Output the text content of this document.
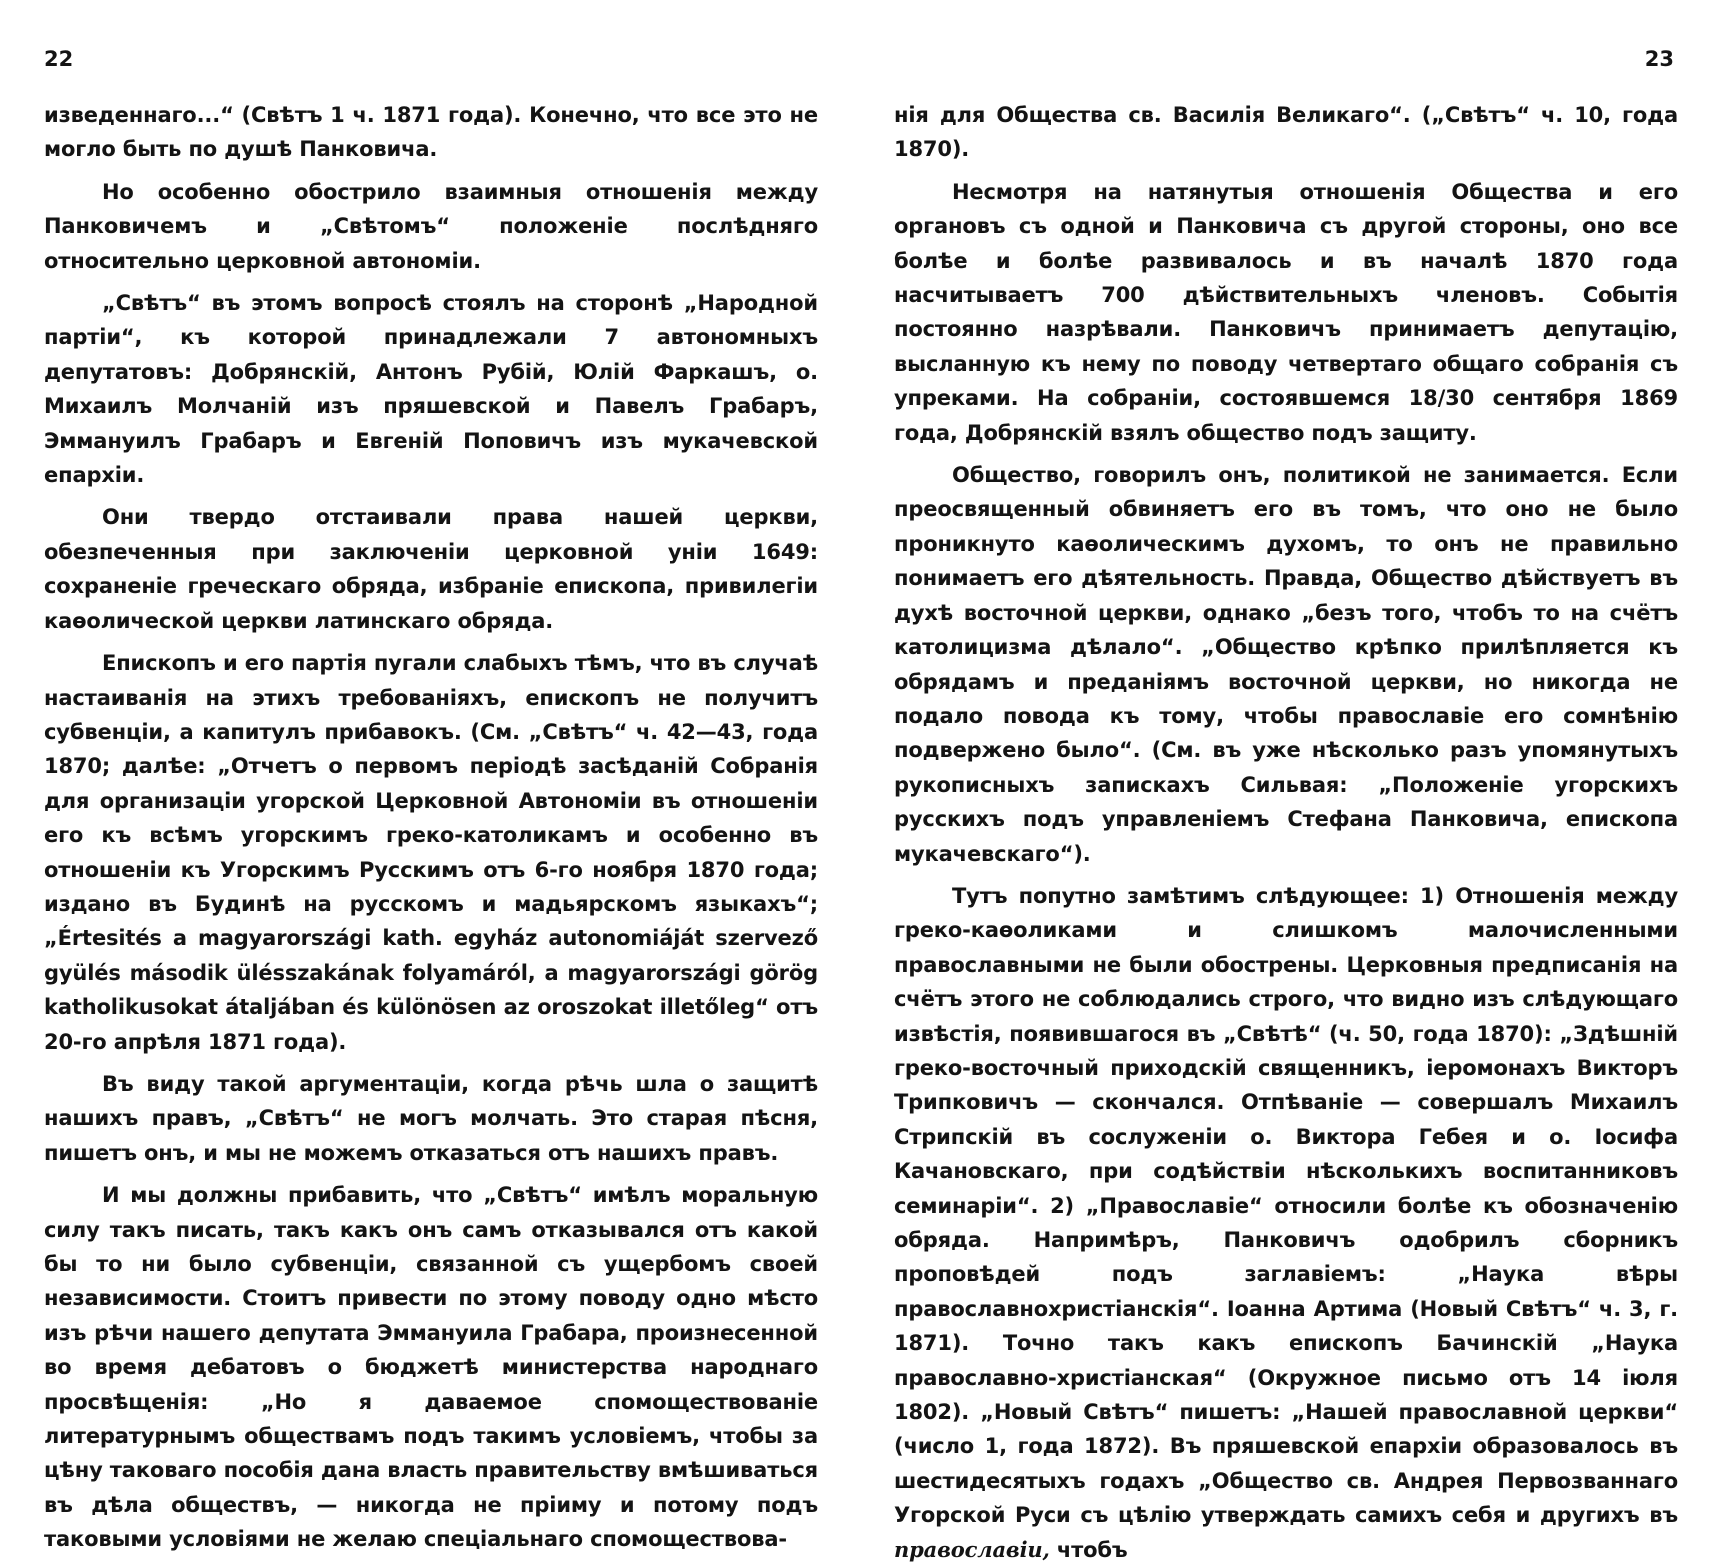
22

изведеннаго...“ (Свѣтъ 1 ч. 1871 года). Конечно, что все это не могло быть по душѣ Панковича.

Но особенно обострило взаимныя отношенія между Панковичемъ и „Свѣтомъ“ положеніе послѣдняго относительно церковной автономіи.

„Свѣтъ“ въ этомъ вопросѣ стоялъ на сторонѣ „Народной партіи“, къ которой принадлежали 7 автономныхъ депутатовъ: Добрянскій, Антонъ Рубій, Юлій Фаркашъ, о. Михаилъ Молчаній изъ пряшевской и Павелъ Грабаръ, Эммануилъ Грабаръ и Евгеній Поповичъ изъ мукачевской епархіи.

Они твердо отстаивали права нашей церкви, обезпеченныя при заключеніи церковной уніи 1649: сохраненіе греческаго обряда, избраніе епископа, привилегіи каѳолической церкви латинскаго обряда.

Епископъ и его партія пугали слабыхъ тѣмъ, что въ случаѣ настаиванія на этихъ требованіяхъ, епископъ не получитъ субвенціи, а капитулъ прибавокъ. (См. „Свѣтъ“ ч. 42—43, года 1870; далѣе: „Отчетъ о первомъ періодѣ засѣданій Собранія для организаціи угорской Церковной Автономіи въ отношеніи его къ всѣмъ угорскимъ греко-католикамъ и особенно въ отношеніи къ Угорскимъ Русскимъ отъ 6-го ноября 1870 года; издано въ Будинѣ на русскомъ и мадьярскомъ языкахъ“; „Értesités a magyarországi kath. egyház autonomiáját szervező gyülés második ülésszakának folyamáról, a magyarországi görög katholikusokat átaljában és különösen az oroszokat illetőleg“ отъ 20-го апрѣля 1871 года).

Въ виду такой аргументаціи, когда рѣчь шла о защитѣ нашихъ правъ, „Свѣтъ“ не могъ молчать. Это старая пѣсня, пишетъ онъ, и мы не можемъ отказаться отъ нашихъ правъ.

И мы должны прибавить, что „Свѣтъ“ имѣлъ моральную силу такъ писать, такъ какъ онъ самъ отказывался отъ какой бы то ни было субвенціи, связанной съ ущербомъ своей независимости. Стоитъ привести по этому поводу одно мѣсто изъ рѣчи нашего депутата Эммануила Грабара, произнесенной во время дебатовъ о бюджетѣ министерства народнаго просвѣщенія: „Но я даваемое спомоществованіе литературнымъ обществамъ подъ такимъ условіемъ, чтобы за цѣну таковаго пособія дана власть правительству вмѣшиваться въ дѣла обществъ, — никогда не пріиму и потому подъ таковыми условіями не желаю спеціальнаго спомоществова-

23

нія для Общества св. Василія Великаго“. („Свѣтъ“ ч. 10, года 1870).

Несмотря на натянутыя отношенія Общества и его органовъ съ одной и Панковича съ другой стороны, оно все болѣе и болѣе развивалось и въ началѣ 1870 года насчитываетъ 700 дѣйствительныхъ членовъ. Событія постоянно назрѣвали. Панковичъ принимаетъ депутацію, высланную къ нему по поводу четвертаго общаго собранія съ упреками. На собраніи, состоявшемся 18/30 сентября 1869 года, Добрянскій взялъ общество подъ защиту.

Общество, говорилъ онъ, политикой не занимается. Если преосвященный обвиняетъ его въ томъ, что оно не было проникнуто каѳолическимъ духомъ, то онъ не правильно понимаетъ его дѣятельность. Правда, Общество дѣйствуетъ въ духѣ восточной церкви, однако „безъ того, чтобъ то на счётъ католицизма дѣлало“. „Общество крѣпко прилѣпляется къ обрядамъ и преданіямъ восточной церкви, но никогда не подало повода къ тому, чтобы православіе его сомнѣнію подвержено было“. (См. въ уже нѣсколько разъ упомянутыхъ рукописныхъ запискахъ Сильвая: „Положеніе угорскихъ русскихъ подъ управленіемъ Стефана Панковича, епископа мукачевскаго“).

Тутъ попутно замѣтимъ слѣдующее: 1) Отношенія между греко-каѳоликами и слишкомъ малочисленными православными не были обострены. Церковныя предписанія на счётъ этого не соблюдались строго, что видно изъ слѣдующаго извѣстія, появившагося въ „Свѣтѣ“ (ч. 50, года 1870): „Здѣшній греко-восточный приходскій священникъ, іеромонахъ Викторъ Трипковичъ — скончался. Отпѣваніе — совершалъ Михаилъ Стрипскій въ сослуженіи о. Виктора Гебея и о. Іосифа Качановскаго, при содѣйствіи нѣсколькихъ воспитанниковъ семинаріи“. 2) „Православіе“ относили болѣе къ обозначенію обряда. Напримѣръ, Панковичъ одобрилъ сборникъ проповѣдей подъ заглавіемъ: „Наука вѣры православнохристіанскія“. Іоанна Артима (Новый Свѣтъ“ ч. 3, г. 1871). Точно такъ какъ епископъ Бачинскій „Наука православно-христіанская“ (Окружное письмо отъ 14 іюля 1802). „Новый Свѣтъ“ пишетъ: „Нашей православной церкви“ (число 1, года 1872). Въ пряшевской епархіи образовалось въ шестидесятыхъ годахъ „Общество св. Андрея Первозваннаго Угорской Руси съ цѣлію утверждать самихъ себя и другихъ въ православіи, чтобъ
